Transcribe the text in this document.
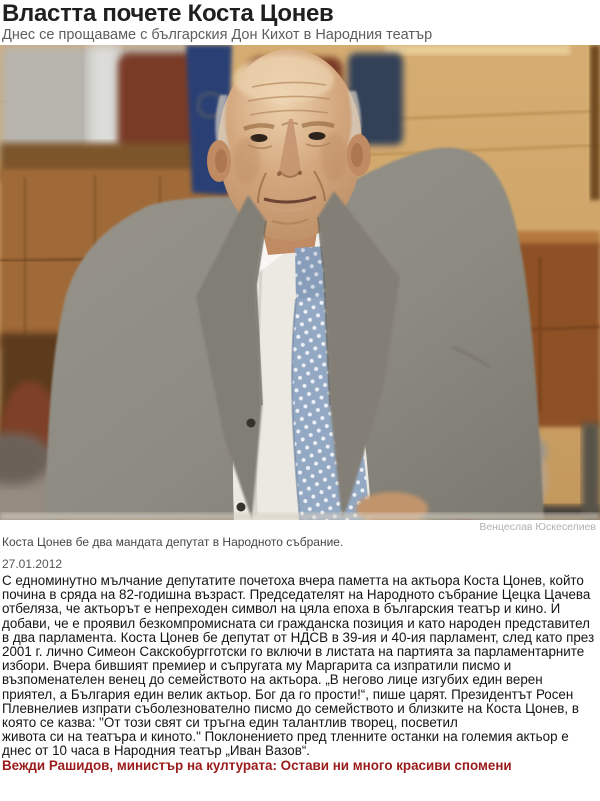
Властта почете Коста Цонев
Днес се прощаваме с българския Дон Кихот в Народния театър
Венцеслав Юскеселиев
Коста Цонев бе два мандата депутат в Народното събрание.
27.01.2012

С едноминутно мълчание депутатите почетоха вчера паметта на актьора Коста Цонев, който почина в сряда на 82-годишна възраст. Председателят на Народното събрание Цецка Цачева отбеляза, че актьорът е непреходен символ на цяла епоха в българския театър и кино. И добави, че е проявил безкомпромисната си гражданска позиция и като народен представител в два парламента. Коста Цонев бе депутат от НДСВ в 39-ия и 40-ия парламент, след като през 2001 г. лично Симеон Сакскобургготски го включи в листата на партията за парламентарните избори. Вчера бившият премиер и съпругата му Маргарита са изпратили писмо и възпоменателен венец до семейството на актьора. „В негово лице изгубих един верен приятел, а България един велик актьор. Бог да го прости!“, пише царят. Президентът Росен Плевнелиев изпрати съболезнователно писмо до семейството и близките на Коста Цонев, в която се казва: "От този свят си тръгна един талантлив творец, посветил

живота си на театъра и киното." Поклонението пред тленните останки на големия актьор е днес от 10 часа в Народния театър „Иван Вазов“.

Вежди Рашидов, министър на културата: Остави ни много красиви спомени
